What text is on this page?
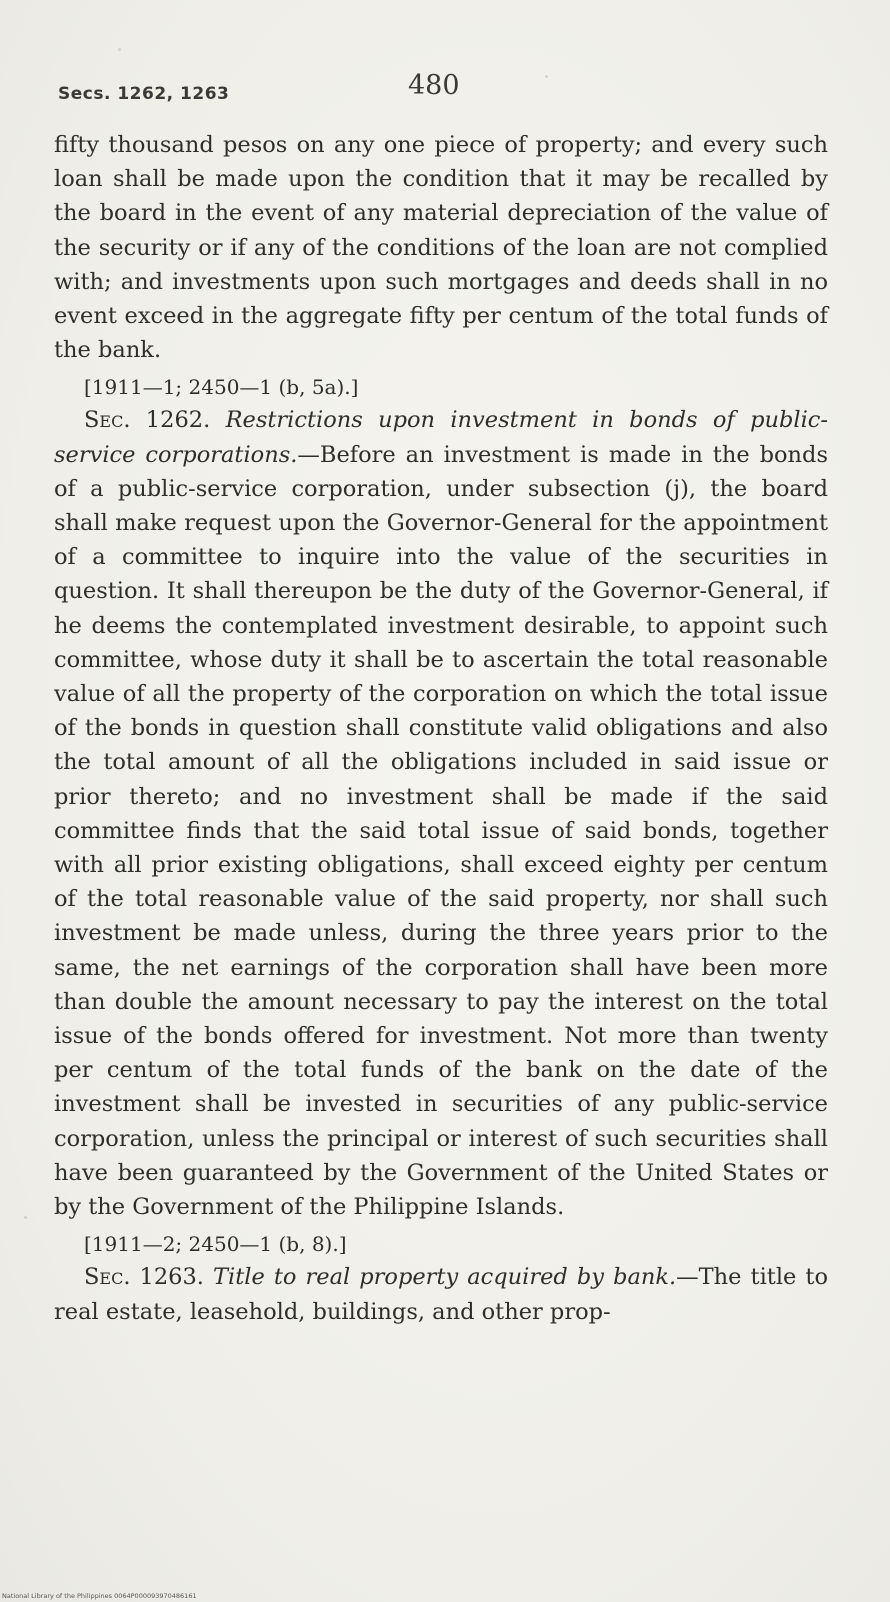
Secs. 1262, 1263	480

fifty thousand pesos on any one piece of property; and every such loan shall be made upon the condition that it may be recalled by the board in the event of any material depreciation of the value of the security or if any of the conditions of the loan are not complied with; and investments upon such mortgages and deeds shall in no event exceed in the aggregate fifty per centum of the total funds of the bank.

[1911—1; 2450—1 (b, 5a).]

Sec. 1262. Restrictions upon investment in bonds of public-service corporations.—Before an investment is made in the bonds of a public-service corporation, under subsection (j), the board shall make request upon the Governor-General for the appointment of a committee to inquire into the value of the securities in question. It shall thereupon be the duty of the Governor-General, if he deems the contemplated investment desirable, to appoint such committee, whose duty it shall be to ascertain the total reasonable value of all the property of the corporation on which the total issue of the bonds in question shall constitute valid obligations and also the total amount of all the obligations included in said issue or prior thereto; and no investment shall be made if the said committee finds that the said total issue of said bonds, together with all prior existing obligations, shall exceed eighty per centum of the total reasonable value of the said property, nor shall such investment be made unless, during the three years prior to the same, the net earnings of the corporation shall have been more than double the amount necessary to pay the interest on the total issue of the bonds offered for investment. Not more than twenty per centum of the total funds of the bank on the date of the investment shall be invested in securities of any public-service corporation, unless the principal or interest of such securities shall have been guaranteed by the Government of the United States or by the Government of the Philippine Islands.

[1911—2; 2450—1 (b, 8).]

Sec. 1263. Title to real property acquired by bank.—The title to real estate, leasehold, buildings, and other prop-

National Library of the Philippines 0064P000093970486161
